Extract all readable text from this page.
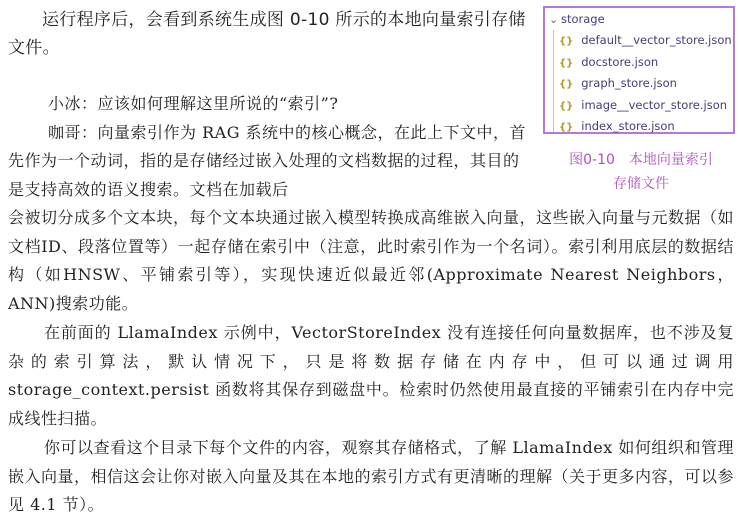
运行程序后，会看到系统生成图 0-10 所示的本地向量索引存储文件。

⌄ storage
{} default__vector_store.json
{} docstore.json
{} graph_store.json
{} image__vector_store.json
{} index_store.json

图0-10 本地向量索引
存储文件

小冰：应该如何理解这里所说的“索引”?
咖哥：向量索引作为 RAG 系统中的核心概念，在此上下文中，首先作为一个动词，指的是存储经过嵌入处理的文档数据的过程，其目的是支持高效的语义搜索。文档在加载后

会被切分成多个文本块，每个文本块通过嵌入模型转换成高维嵌入向量，这些嵌入向量与元数据（如文档ID、段落位置等）一起存储在索引中（注意，此时索引作为一个名词）。索引利用底层的数据结构（如HNSW、平铺索引等），实现快速近似最近邻(Approximate Nearest Neighbors，ANN)搜索功能。

在前面的 LlamaIndex 示例中，VectorStoreIndex 没有连接任何向量数据库，也不涉及复杂的索引算法，默认情况下，只是将数据存储在内存中，但可以通过调用 storage_context.persist 函数将其保存到磁盘中。检索时仍然使用最直接的平铺索引在内存中完成线性扫描。

你可以查看这个目录下每个文件的内容，观察其存储格式，了解 LlamaIndex 如何组织和管理嵌入向量，相信这会让你对嵌入向量及其在本地的索引方式有更清晰的理解（关于更多内容，可以参见 4.1 节）。
